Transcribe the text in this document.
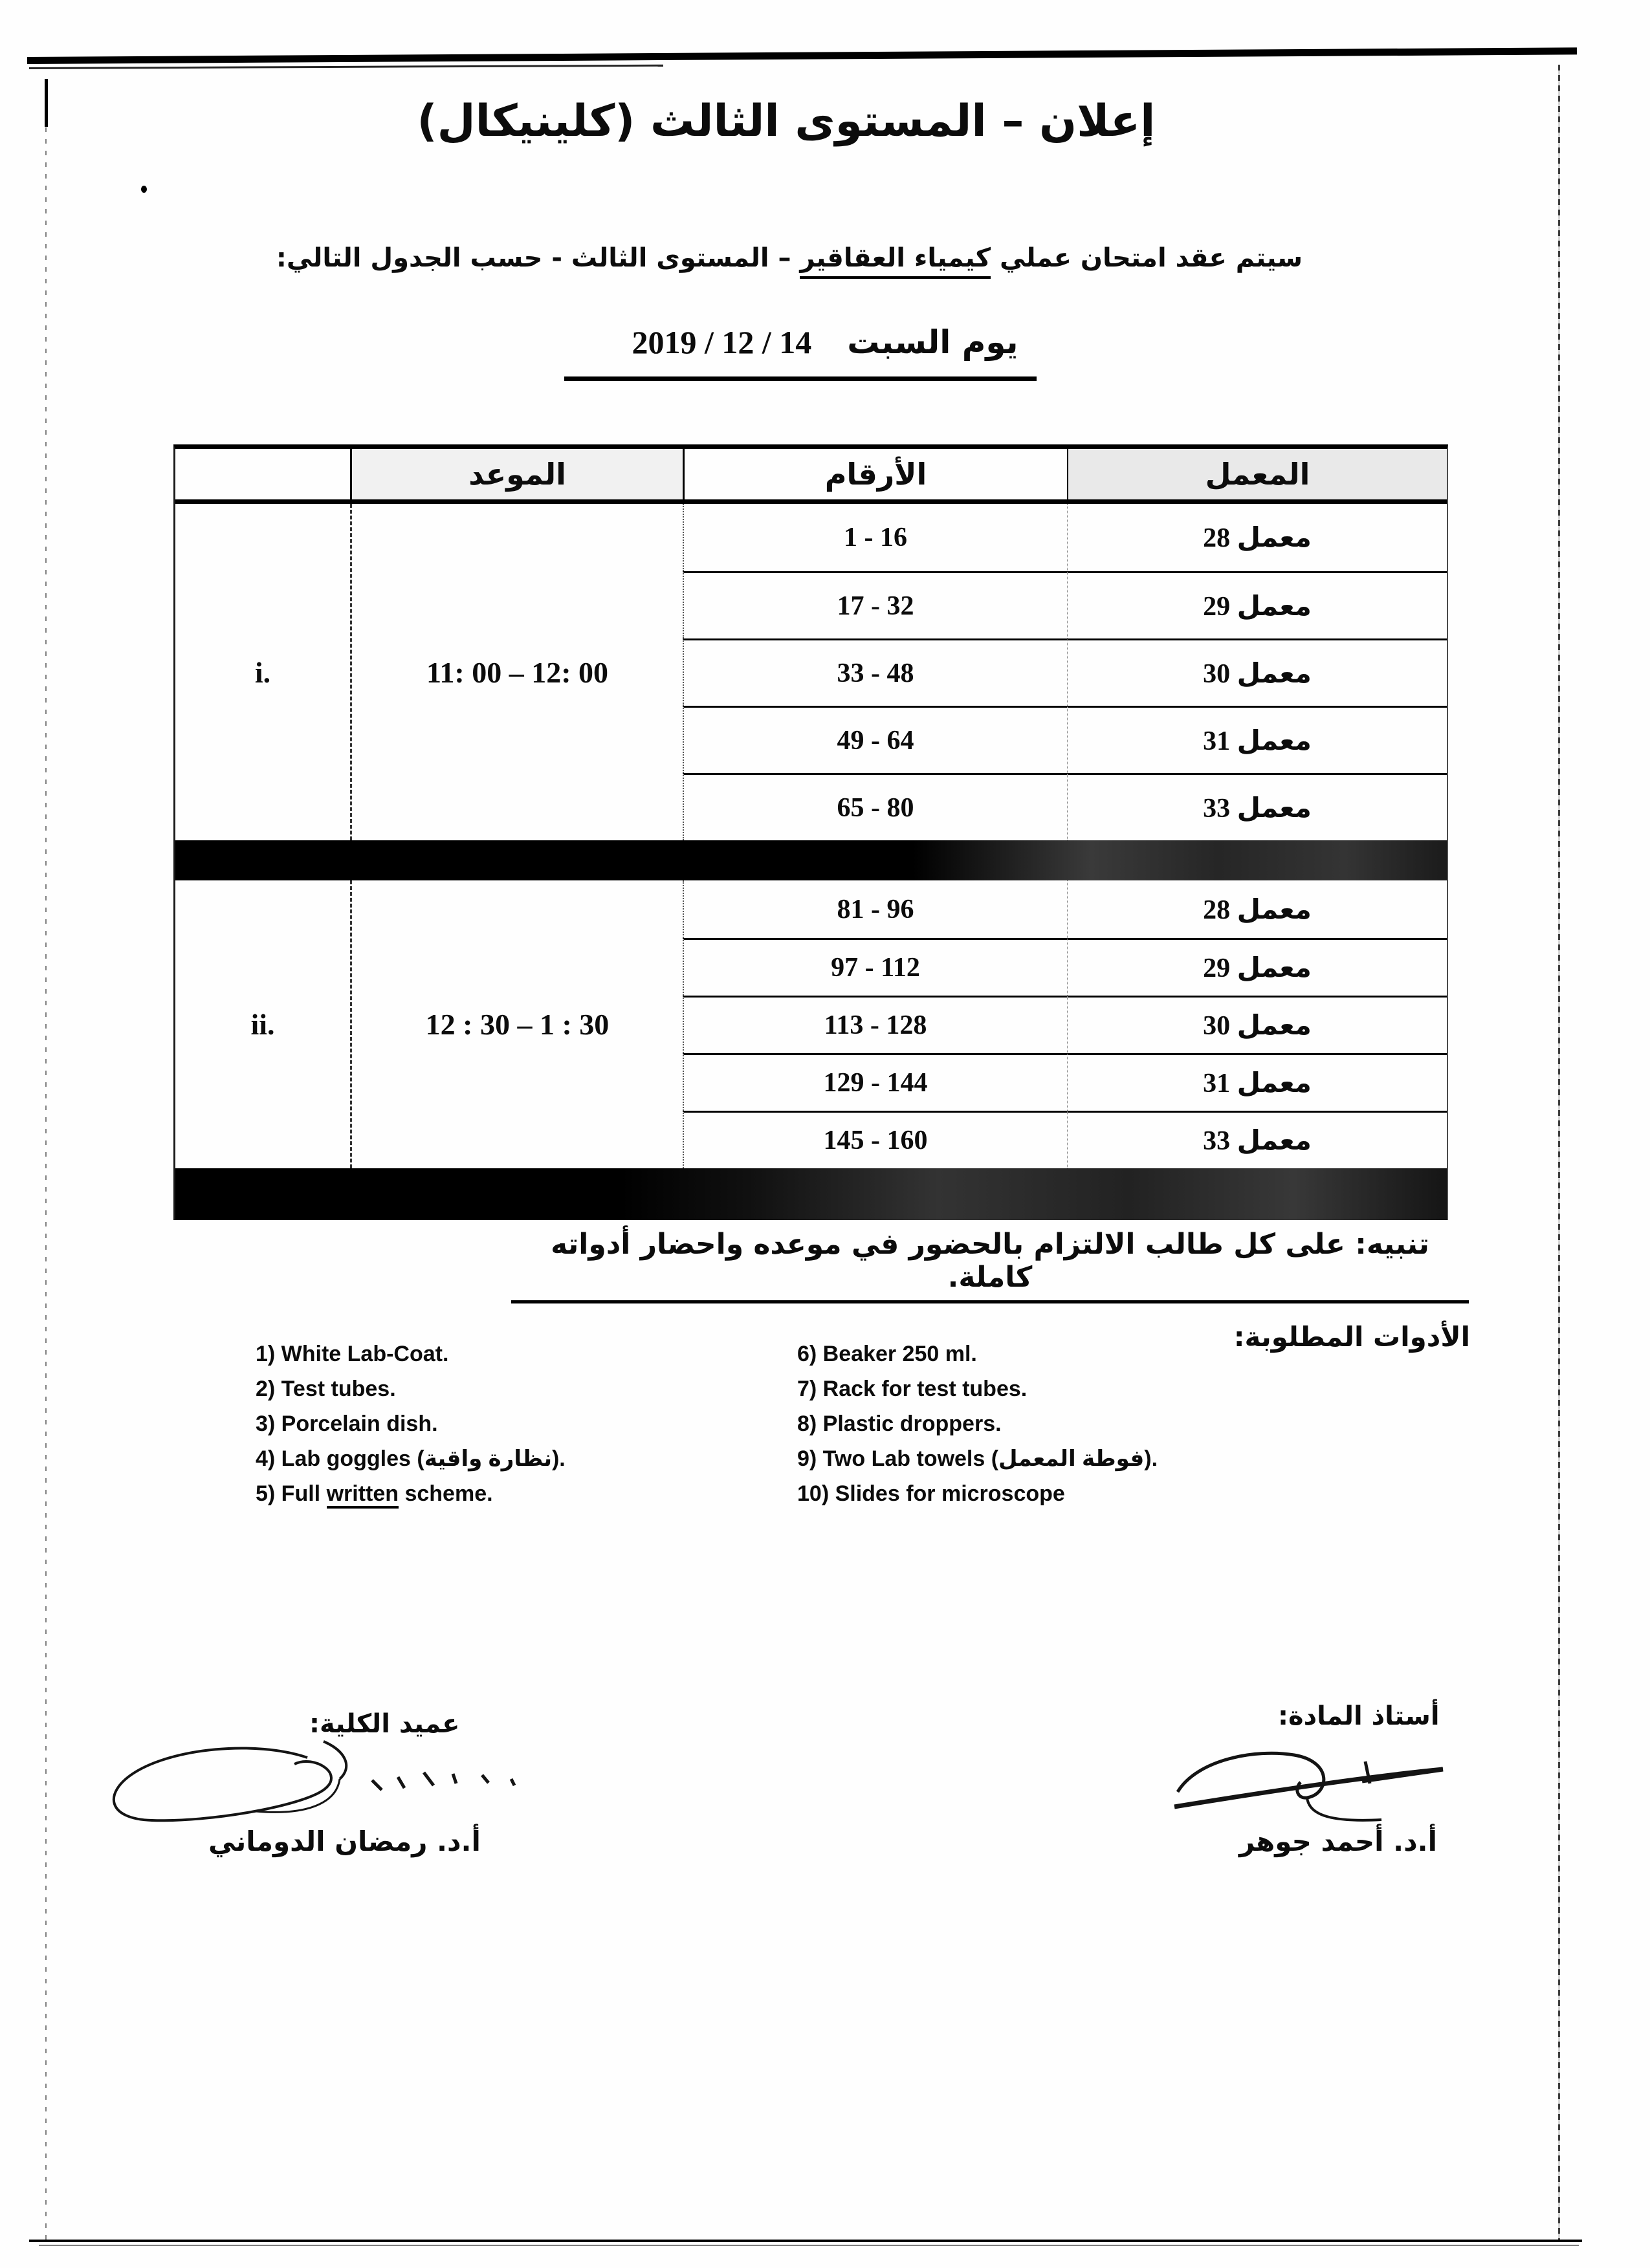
إعلان – المستوى الثالث (كلينيكال)
سيتم عقد امتحان عملي كيمياء العقاقير – المستوى الثالث - حسب الجدول التالي:
يوم السبت14 / 12 / 2019
الموعد	الأرقام	المعمل
i.	11: 00 – 12: 00
1 - 16	معمل 28
17 - 32	معمل 29
33 - 48	معمل 30
49 - 64	معمل 31
65 - 80	معمل 33
ii.	12 : 30 – 1 : 30
81 - 96	معمل 28
97 - 112	معمل 29
113 - 128	معمل 30
129 - 144	معمل 31
145 - 160	معمل 33
تنبيه: على كل طالب الالتزام بالحضور في موعده واحضار أدواته كاملة.
الأدوات المطلوبة:
1) White Lab-Coat.
2) Test tubes.
3) Porcelain dish.
4) Lab goggles (نظارة واقية).
5) Full written scheme.
6) Beaker 250 ml.
7) Rack for test tubes.
8) Plastic droppers.
9) Two Lab towels (فوطة المعمل).
10) Slides for microscope
أستاذ المادة:
أ.د. أحمد جوهر
عميد الكلية:
أ.د. رمضان الدوماني
